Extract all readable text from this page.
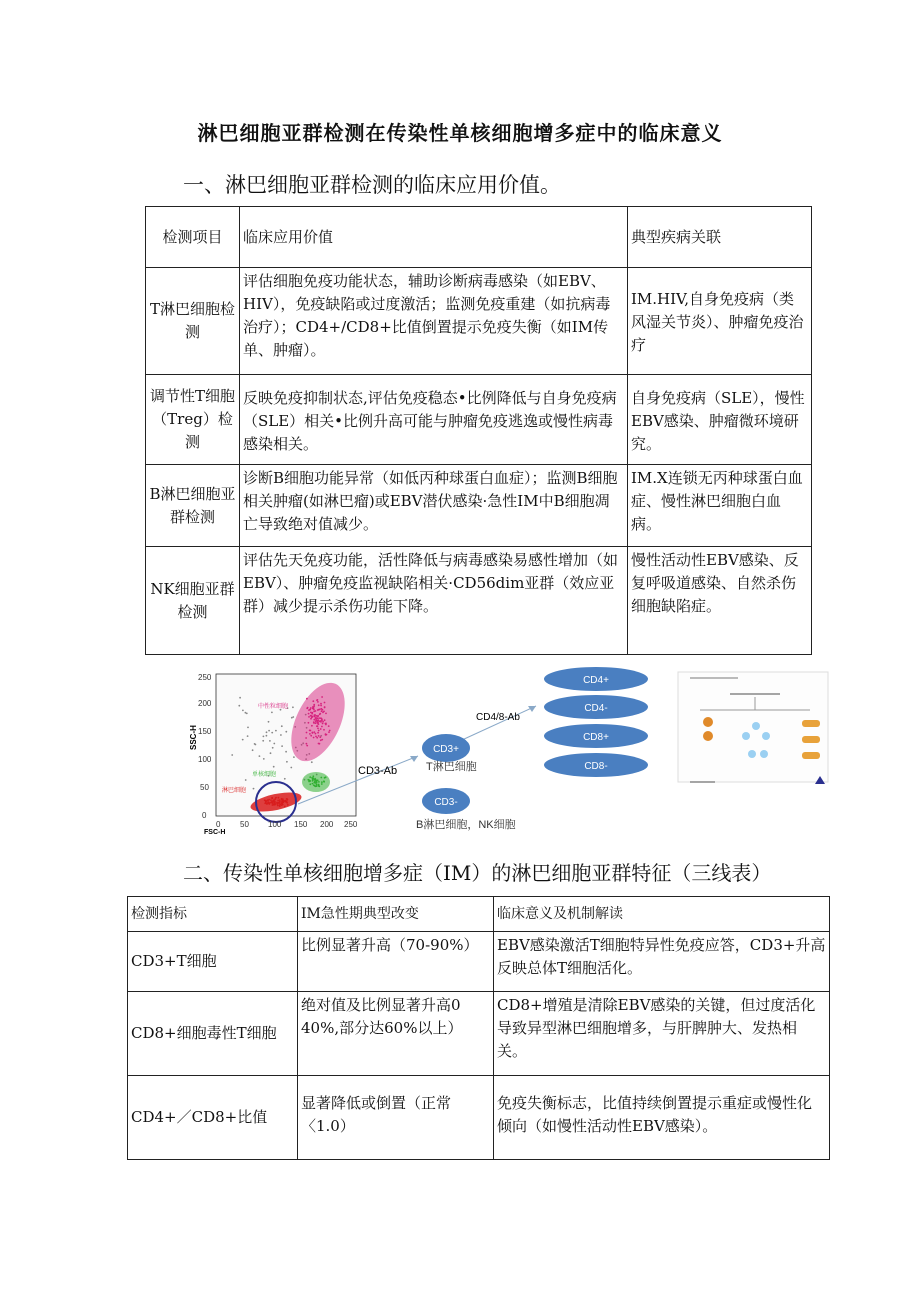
淋巴细胞亚群检测在传染性单核细胞增多症中的临床意义
一、淋巴细胞亚群检测的临床应用价值。
检测项目	临床应用价值	典型疾病关联
T淋巴细胞检测	评估细胞免疫功能状态，辅助诊断病毒感染（如EBV、HIV），免疫缺陷或过度激活；监测免疫重建（如抗病毒治疗）；CD4+/CD8+比值倒置提示免疫失衡（如IM传单、肿瘤）。	IM.HIV,自身免疫病（类风湿关节炎）、肿瘤免疫治疗
调节性T细胞（Treg）检测	反映免疫抑制状态,评估免疫稳态•比例降低与自身免疫病（SLE）相关•比例升高可能与肿瘤免疫逃逸或慢性病毒感染相关。	自身免疫病（SLE），慢性EBV感染、肿瘤微环境研究。
B淋巴细胞亚群检测	诊断B细胞功能异常（如低丙种球蛋白血症）；监测B细胞相关肿瘤(如淋巴瘤)或EBV潜伏感染·急性IM中B细胞凋亡导致绝对值减少。	IM.X连锁无丙种球蛋白血症、慢性淋巴细胞白血病。
NK细胞亚群检测	评估先天免疫功能，活性降低与病毒感染易感性增加（如EBV）、肿瘤免疫监视缺陷相关·CD56dim亚群（效应亚群）减少提示杀伤功能下降。	慢性活动性EBV感染、反复呼吸道感染、自然杀伤细胞缺陷症。
中性粒细胞
单核细胞
淋巴细胞
SSC-H
FSC-H
0
50
100
150
200
250
0 50 100 150 200 250
CD3-Ab
CD4/8-Ab
CD3+
T淋巴细胞
CD3-
B淋巴细胞，NK细胞
CD4+
CD4-
CD8+
CD8-
二、传染性单核细胞增多症（IM）的淋巴细胞亚群特征（三线表）
检测指标	IM急性期典型改变	临床意义及机制解读
CD3+T细胞	比例显著升高（70-90%）	EBV感染激活T细胞特异性免疫应答，CD3+升高反映总体T细胞活化。
CD8+细胞毒性T细胞	绝对值及比例显著升高0 40%,部分达60%以上）	CD8+增殖是清除EBV感染的关键，但过度活化导致异型淋巴细胞增多，与肝脾肿大、发热相关。
CD4+／CD8+比值	显著降低或倒置（正常〈1.0）	免疫失衡标志，比值持续倒置提示重症或慢性化倾向（如慢性活动性EBV感染）。
